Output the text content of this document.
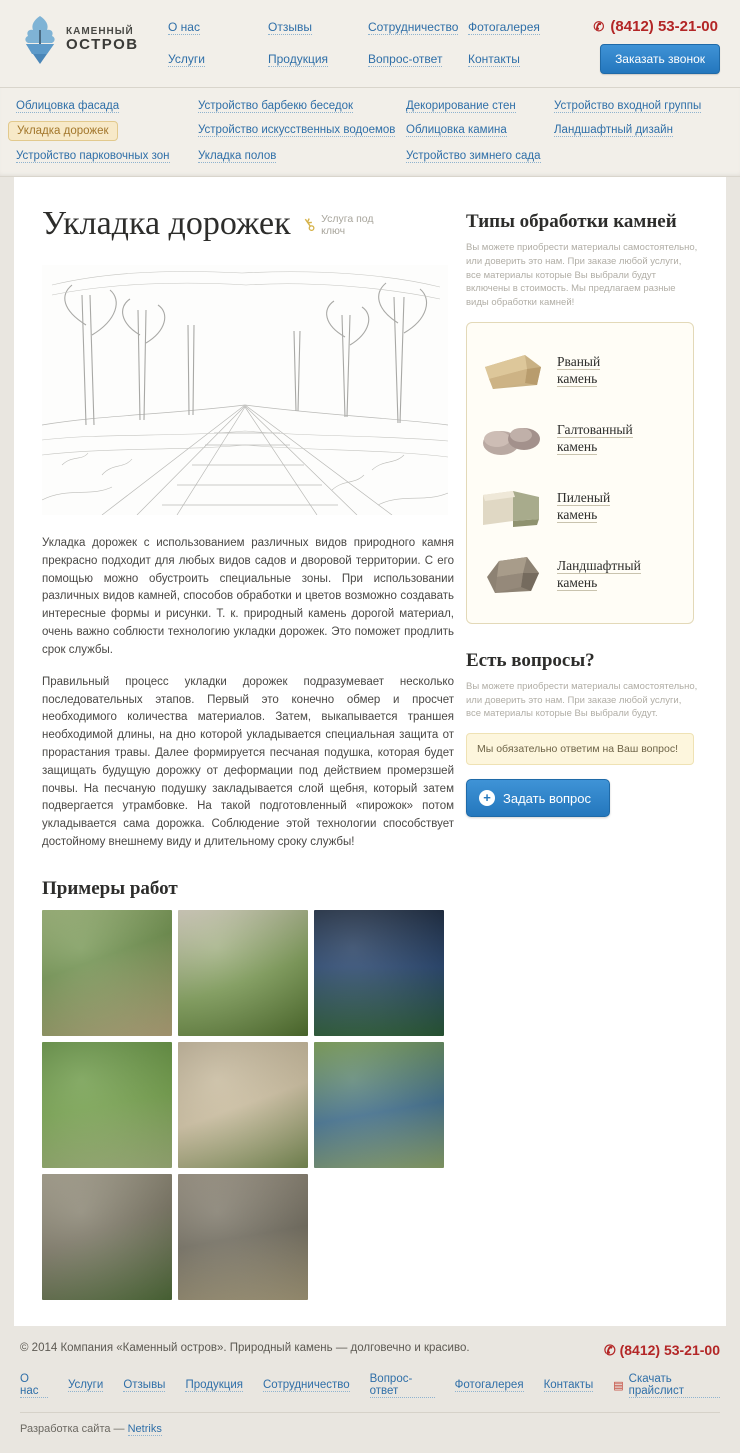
КАМЕННЫЙ
ОСТРОВ
О нас	Отзывы	Сотрудничество Фотогалерея
Услуги	Продукция	Вопрос-ответ	Контакты
✆ (8412) 53-21-00
Заказать звонок
Облицовка фасада	Устройство барбекю беседок	Декорирование стен	Устройство входной группы
Укладка дорожек	Устройство искусственных водоемов Облицовка камина	Ландшафтный дизайн
Устройство парковочных зон	Укладка полов	Устройство зимнего сада
Укладка дорожек ⚷ Услуга под
ключ

Укладка дорожек с использованием различных видов природного камня прекрасно подходит для любых видов садов и дворовой территории. С его помощью можно обустроить специальные зоны. При использовании различных видов камней, способов обработки и цветов возможно создавать интересные формы и рисунки. Т. к. природный камень дорогой материал, очень важно соблюсти технологию укладки дорожек. Это поможет продлить срок службы.

Правильный процесс укладки дорожек подразумевает несколько последовательных этапов. Первый это конечно обмер и просчет необходимого количества материалов. Затем, выкапывается траншея необходимой длины, на дно которой укладывается специальная защита от прорастания травы. Далее формируется песчаная подушка, которая будет защищать будущую дорожку от деформации под действием промерзшей почвы. На песчаную подушку закладывается слой щебня, который затем подвергается утрамбовке. На такой подготовленный «пирожок» потом укладывается сама дорожка. Соблюдение этой технологии способствует достойному внешнему виду и длительному сроку службы!

Примеры работ
Типы обработки камней

Вы можете приобрести материалы самостоятельно, или доверить это нам. При заказе любой услуги, все материалы которые Вы выбрали будут включены в стоимость. Мы предлагаем разные виды обработки камней!

Рваный
камень
Галтованный
камень
Пиленый
камень
Ландшафтный
камень
Есть вопросы?

Вы можете приобрести материалы самостоятельно, или доверить это нам. При заказе любой услуги, все материалы которые Вы выбрали будут.

Мы обязательно ответим на Ваш вопрос!
+ Задать вопрос
© 2014 Компания «Каменный остров». Природный камень — долговечно и красиво.	✆ (8412) 53-21-00
О нас	Услуги Отзывы Продукция Сотрудничество Вопрос-ответ	Фотогалерея Контакты ▤
Скачать прайслист
Разработка сайта — Netriks
